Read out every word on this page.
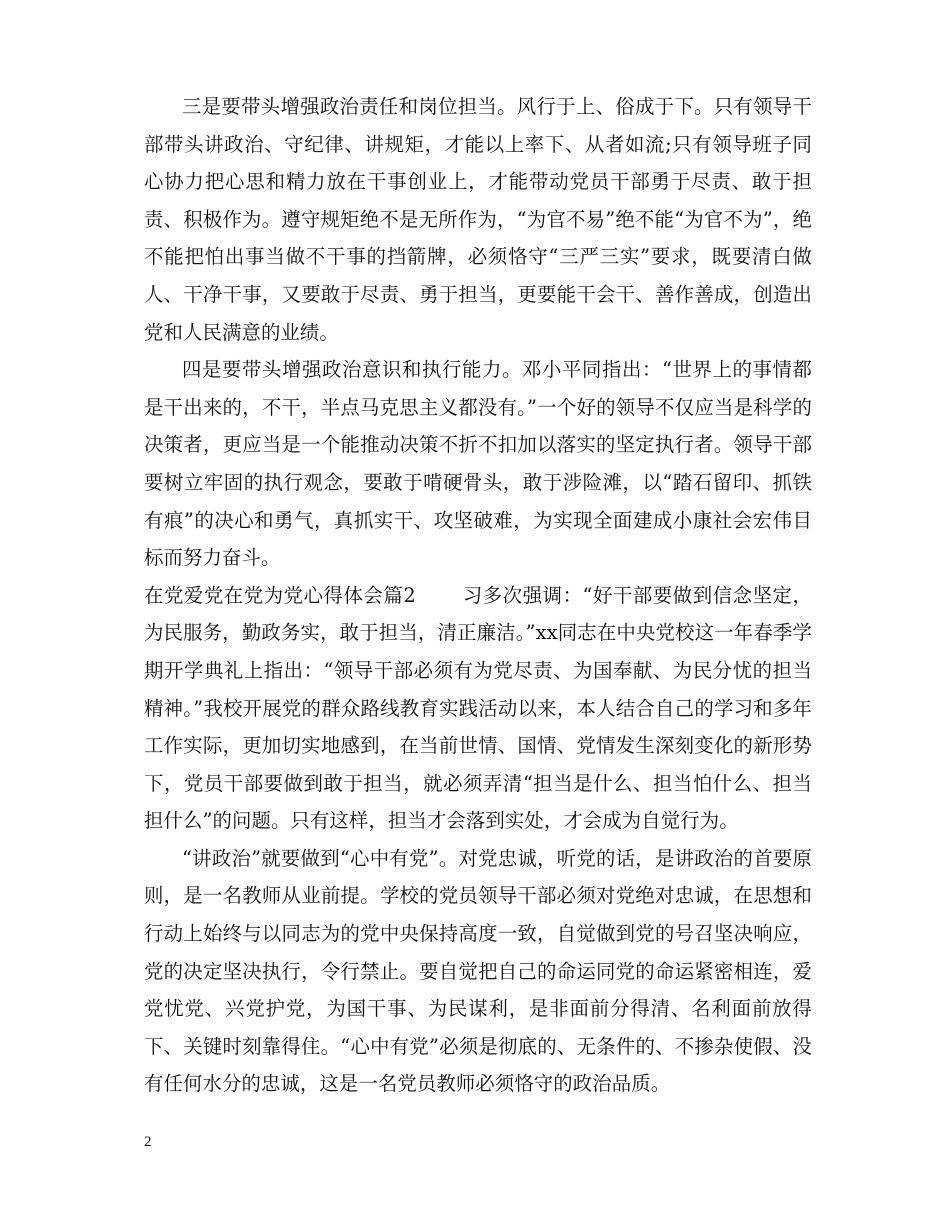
三是要带头增强政治责任和岗位担当。风行于上、俗成于下。只有领导干部带头讲政治、守纪律、讲规矩，才能以上率下、从者如流;只有领导班子同心协力把心思和精力放在干事创业上，才能带动党员干部勇于尽责、敢于担责、积极作为。遵守规矩绝不是无所作为，“为官不易”绝不能“为官不为”，绝不能把怕出事当做不干事的挡箭牌，必须恪守“三严三实”要求，既要清白做人、干净干事，又要敢于尽责、勇于担当，更要能干会干、善作善成，创造出党和人民满意的业绩。

四是要带头增强政治意识和执行能力。邓小平同指出：“世界上的事情都是干出来的，不干，半点马克思主义都没有。”一个好的领导不仅应当是科学的决策者，更应当是一个能推动决策不折不扣加以落实的坚定执行者。领导干部要树立牢固的执行观念，要敢于啃硬骨头，敢于涉险滩，以“踏石留印、抓铁有痕”的决心和勇气，真抓实干、攻坚破难，为实现全面建成小康社会宏伟目标而努力奋斗。

在党爱党在党为党心得体会篇2 习多次强调：“好干部要做到信念坚定，为民服务，勤政务实，敢于担当，清正廉洁。”xx同志在中央党校这一年春季学期开学典礼上指出：“领导干部必须有为党尽责、为国奉献、为民分忧的担当精神。”我校开展党的群众路线教育实践活动以来，本人结合自己的学习和多年工作实际，更加切实地感到，在当前世情、国情、党情发生深刻变化的新形势下，党员干部要做到敢于担当，就必须弄清“担当是什么、担当怕什么、担当担什么”的问题。只有这样，担当才会落到实处，才会成为自觉行为。

“讲政治”就要做到“心中有党”。对党忠诚，听党的话，是讲政治的首要原则，是一名教师从业前提。学校的党员领导干部必须对党绝对忠诚，在思想和行动上始终与以同志为的党中央保持高度一致，自觉做到党的号召坚决响应，党的决定坚决执行，令行禁止。要自觉把自己的命运同党的命运紧密相连，爱党忧党、兴党护党，为国干事、为民谋利，是非面前分得清、名利面前放得下、关键时刻靠得住。“心中有党”必须是彻底的、无条件的、不掺杂使假、没有任何水分的忠诚，这是一名党员教师必须恪守的政治品质。

2
